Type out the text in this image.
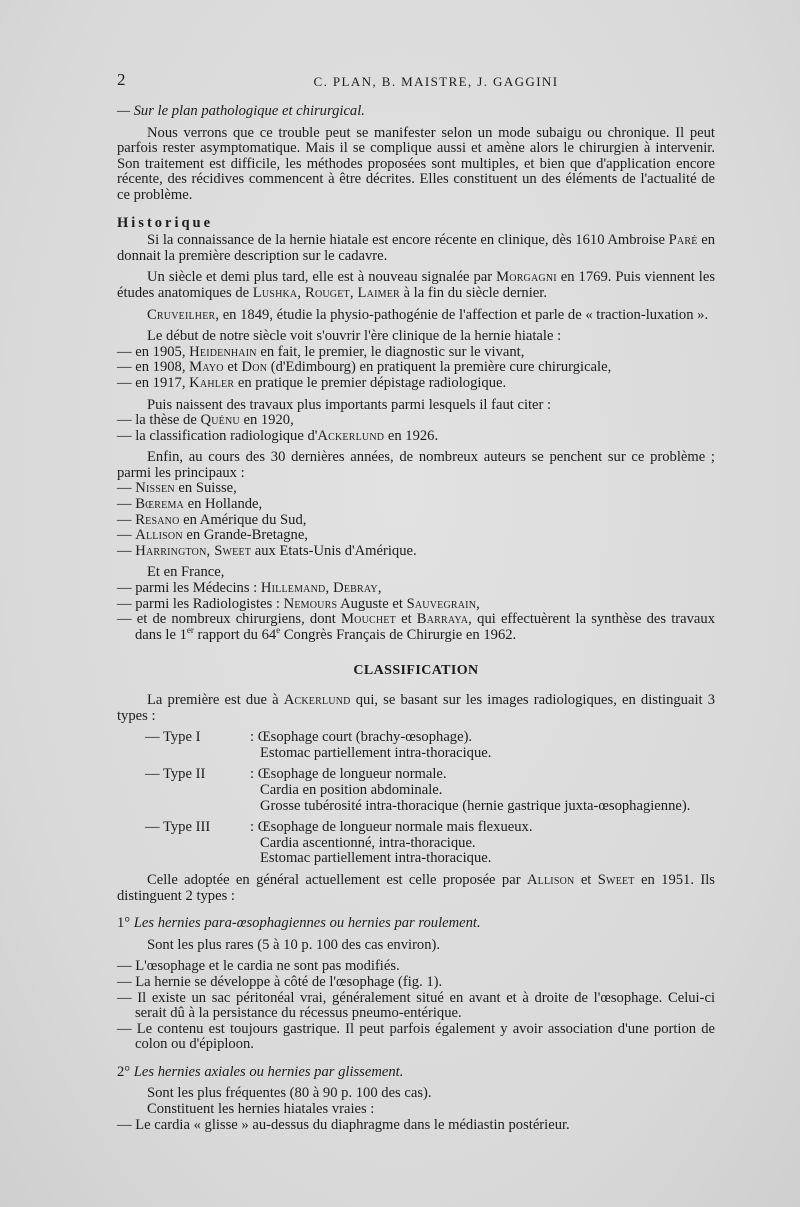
2	C. PLAN, B. MAISTRE, J. GAGGINI

— Sur le plan pathologique et chirurgical.

Nous verrons que ce trouble peut se manifester selon un mode subaigu ou chronique. Il peut parfois rester asymptomatique. Mais il se complique aussi et amène alors le chirurgien à intervenir. Son traitement est difficile, les méthodes proposées sont multiples, et bien que d'application encore récente, des récidives commencent à être décrites. Elles constituent un des éléments de l'actualité de ce problème.

Historique

Si la connaissance de la hernie hiatale est encore récente en clinique, dès 1610 Ambroise Paré en donnait la première description sur le cadavre.

Un siècle et demi plus tard, elle est à nouveau signalée par Morgagni en 1769. Puis viennent les études anatomiques de Lushka, Rouget, Laimer à la fin du siècle dernier.

Cruveilher, en 1849, étudie la physio-pathogénie de l'affection et parle de « traction-luxation ».

Le début de notre siècle voit s'ouvrir l'ère clinique de la hernie hiatale :

— en 1905, Heidenhain en fait, le premier, le diagnostic sur le vivant,
— en 1908, Mayo et Don (d'Edimbourg) en pratiquent la première cure chirurgicale,
— en 1917, Kahler en pratique le premier dépistage radiologique.

Puis naissent des travaux plus importants parmi lesquels il faut citer :

— la thèse de Quénu en 1920,
— la classification radiologique d'Ackerlund en 1926.

Enfin, au cours des 30 dernières années, de nombreux auteurs se penchent sur ce problème ; parmi les principaux :

— Nissen en Suisse,
— Bœrema en Hollande,
— Resano en Amérique du Sud,
— Allison en Grande-Bretagne,
— Harrington, Sweet aux Etats-Unis d'Amérique.

Et en France,

— parmi les Médecins : Hillemand, Debray,
— parmi les Radiologistes : Nemours Auguste et Sauvegrain,

— et de nombreux chirurgiens, dont Mouchet et Barraya, qui effectuèrent la synthèse des travaux dans le 1er rapport du 64e Congrès Français de Chirurgie en 1962.

CLASSIFICATION

La première est due à Ackerlund qui, se basant sur les images radiologiques, en distinguait 3 types :

— Type I	: Œsophage court (brachy-œsophage).
Estomac partiellement intra-thoracique.
— Type II	: Œsophage de longueur normale.
Cardia en position abdominale.
Grosse tubérosité intra-thoracique (hernie gastrique juxta-œsophagienne).
— Type III	: Œsophage de longueur normale mais flexueux.
Cardia ascentionné, intra-thoracique.
Estomac partiellement intra-thoracique.

Celle adoptée en général actuellement est celle proposée par Allison et Sweet en 1951. Ils distinguent 2 types :

1° Les hernies para-œsophagiennes ou hernies par roulement.

Sont les plus rares (5 à 10 p. 100 des cas environ).

— L'œsophage et le cardia ne sont pas modifiés.

— La hernie se développe à côté de l'œsophage (fig. 1).

— Il existe un sac péritonéal vrai, généralement situé en avant et à droite de l'œsophage. Celui-ci serait dû à la persistance du récessus pneumo-entérique.

— Le contenu est toujours gastrique. Il peut parfois également y avoir association d'une portion de colon ou d'épiploon.

2° Les hernies axiales ou hernies par glissement.

Sont les plus fréquentes (80 à 90 p. 100 des cas).

Constituent les hernies hiatales vraies :

— Le cardia « glisse » au-dessus du diaphragme dans le médiastin postérieur.
